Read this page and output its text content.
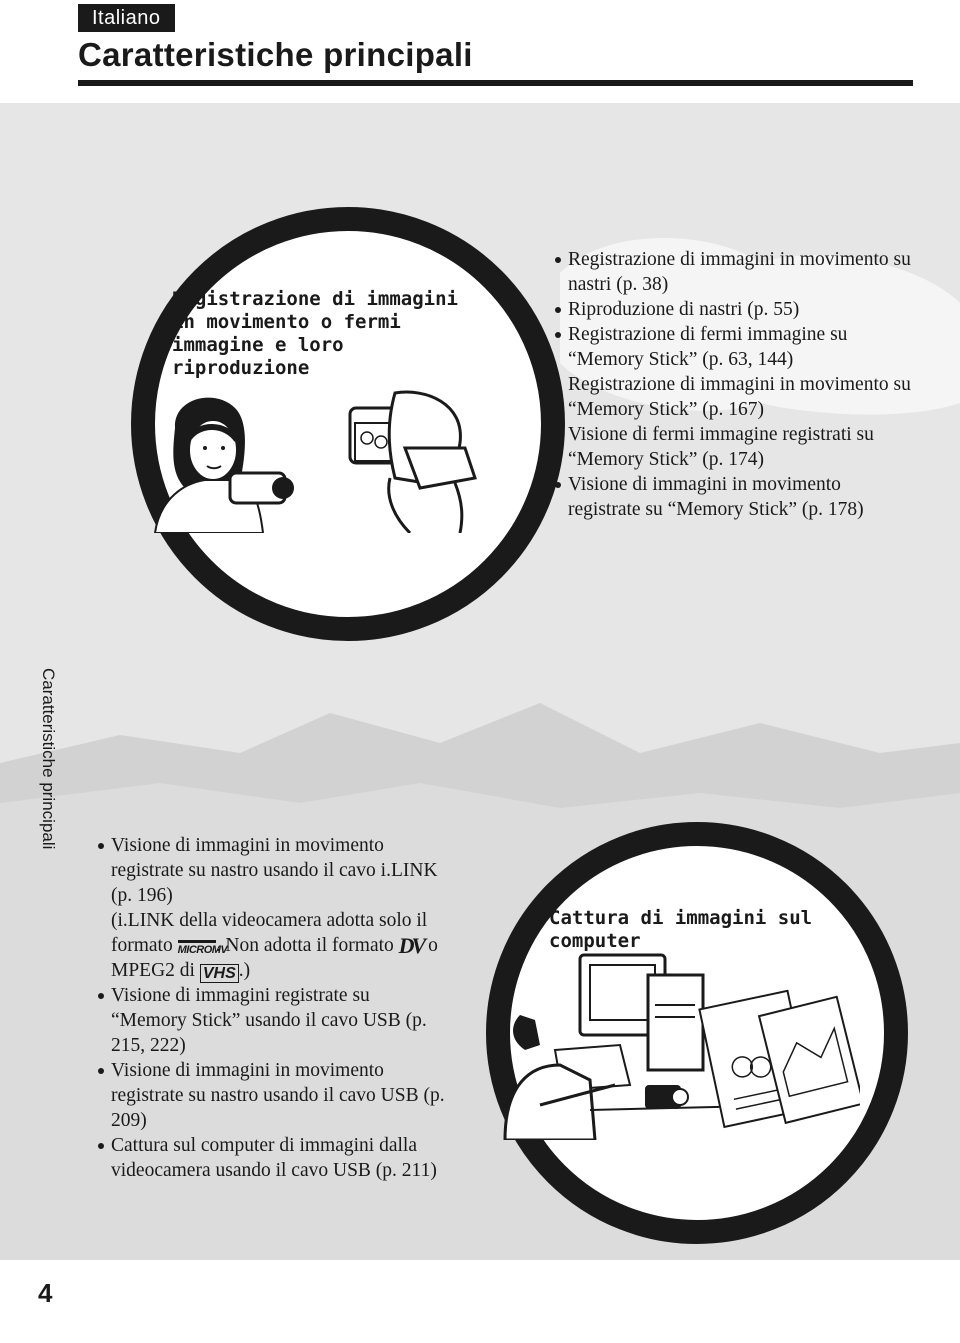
Italiano
Caratteristiche principali
Caratteristiche principali
Registrazione di immagini in movimento o fermi immagine e loro riproduzione

Registrazione di immagini in movimento su nastri (p. 38)

Riproduzione di nastri (p. 55)

Registrazione di fermi immagine su “Memory Stick” (p. 63, 144)

Registrazione di immagini in movimento su “Memory Stick” (p. 167)

Visione di fermi immagine registrati su “Memory Stick” (p. 174)

Visione di immagini in movimento registrate su “Memory Stick” (p. 178)

Cattura di immagini sul computer

Visione di immagini in movimento registrate su nastro usando il cavo i.LINK (p. 196)
(i.LINK della videocamera adotta solo il formato MICROMV. Non adotta il formato DV o MPEG2 di VHS .)

Visione di immagini registrate su “Memory Stick” usando il cavo USB (p. 215, 222)

Visione di immagini in movimento registrate su nastro usando il cavo USB (p. 209)

Cattura sul computer di immagini dalla videocamera usando il cavo USB (p. 211)

4
